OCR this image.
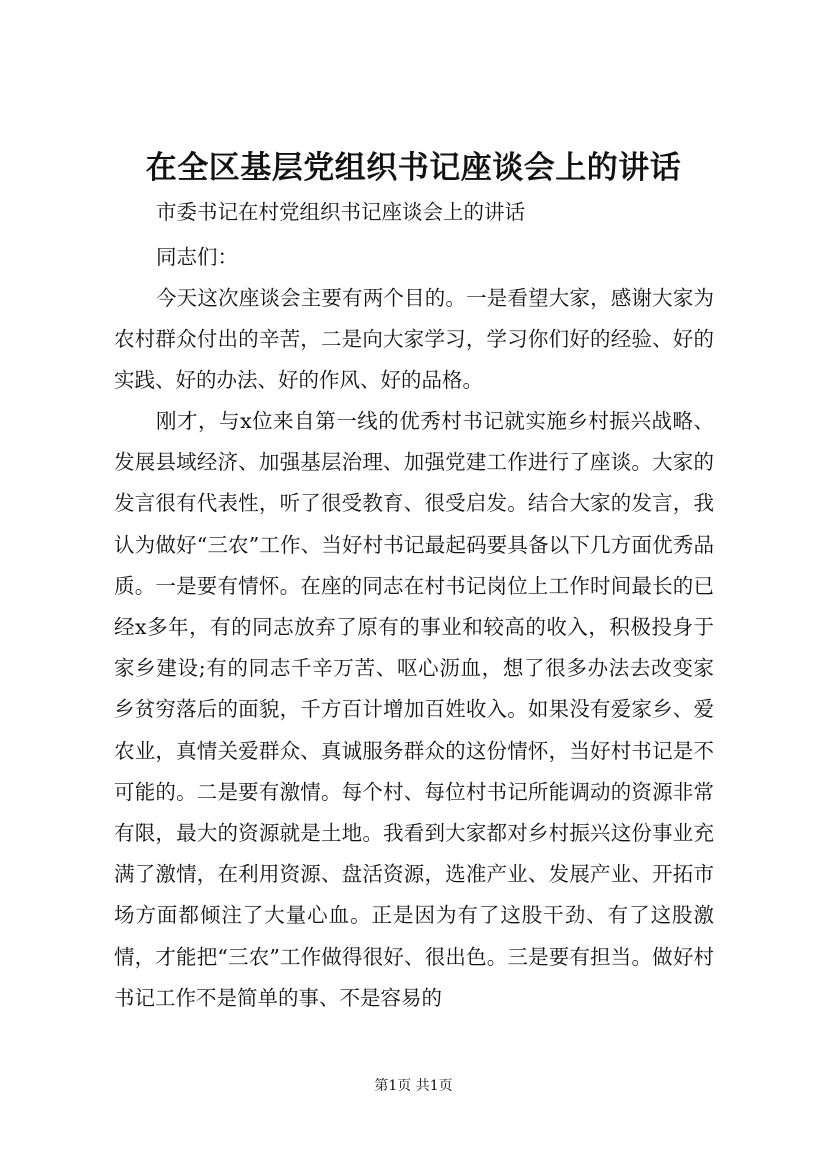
在全区基层党组织书记座谈会上的讲话
市委书记在村党组织书记座谈会上的讲话
同志们：

今天这次座谈会主要有两个目的。一是看望大家，感谢大家为农村群众付出的辛苦，二是向大家学习，学习你们好的经验、好的实践、好的办法、好的作风、好的品格。

刚才，与x位来自第一线的优秀村书记就实施乡村振兴战略、发展县域经济、加强基层治理、加强党建工作进行了座谈。大家的发言很有代表性，听了很受教育、很受启发。结合大家的发言，我认为做好“三农”工作、当好村书记最起码要具备以下几方面优秀品质。一是要有情怀。在座的同志在村书记岗位上工作时间最长的已经x多年，有的同志放弃了原有的事业和较高的收入，积极投身于家乡建设;有的同志千辛万苦、呕心沥血，想了很多办法去改变家乡贫穷落后的面貌，千方百计增加百姓收入。如果没有爱家乡、爱农业，真情关爱群众、真诚服务群众的这份情怀，当好村书记是不可能的。二是要有激情。每个村、每位村书记所能调动的资源非常有限，最大的资源就是土地。我看到大家都对乡村振兴这份事业充满了激情，在利用资源、盘活资源，选准产业、发展产业、开拓市场方面都倾注了大量心血。正是因为有了这股干劲、有了这股激情，才能把“三农”工作做得很好、很出色。三是要有担当。做好村书记工作不是简单的事、不是容易的

第1页 共1页
